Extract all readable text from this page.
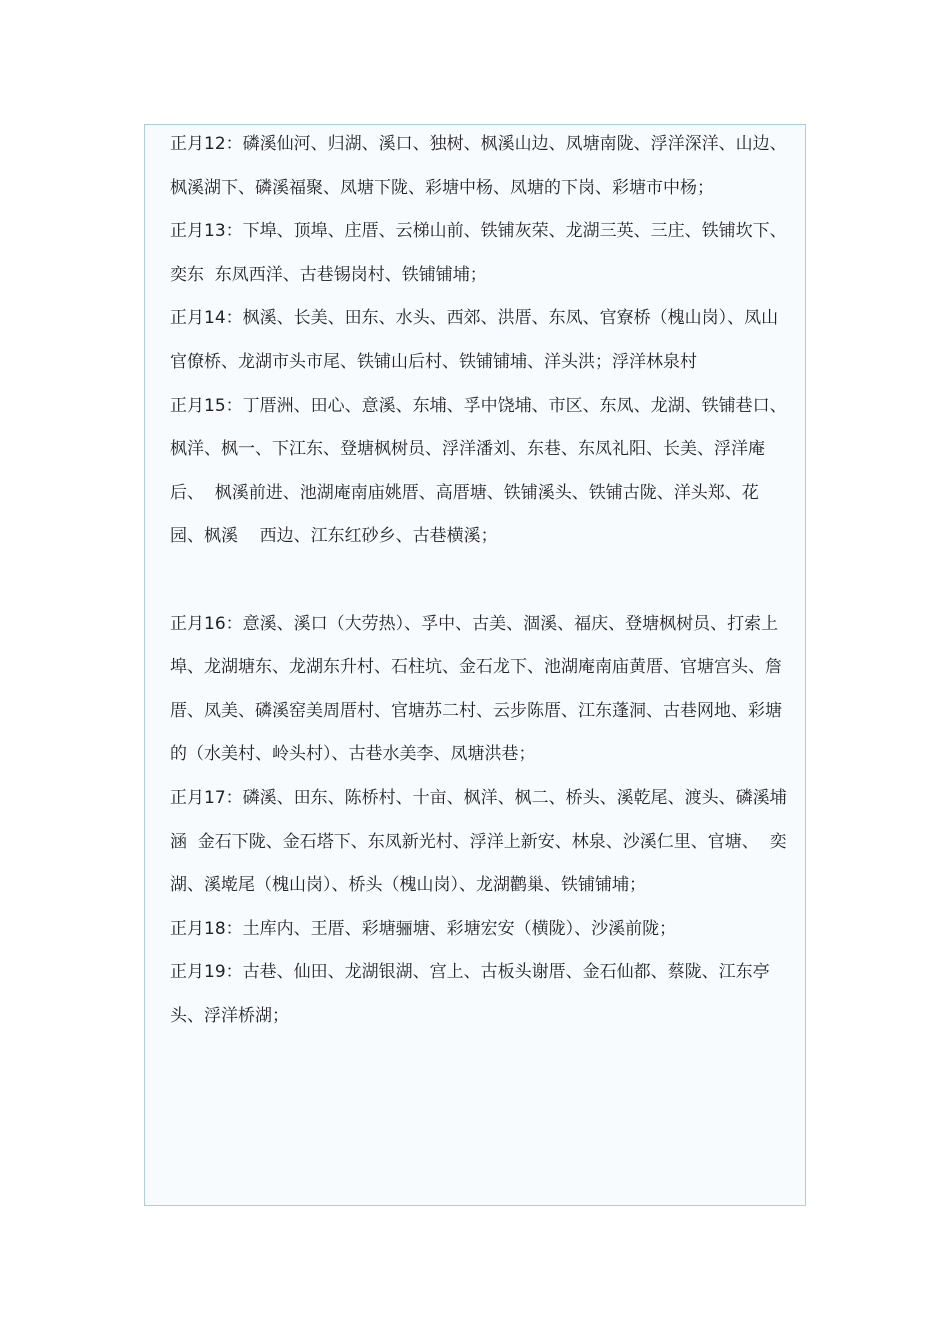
正月12：磷溪仙河、归湖、溪口、独树、枫溪山边、凤塘南陇、浮洋深洋、山边、  枫溪湖下、磷溪福聚、凤塘下陇、彩塘中杨、凤塘的下岗、彩塘市中杨；

正月13：下埠、顶埠、庄厝、云梯山前、铁铺灰荣、龙湖三英、三庄、铁铺坎下、奕东  东凤西洋、古巷锡岗村、铁铺铺埔；

正月14：枫溪、长美、田东、水头、西郊、洪厝、东凤、官寮桥（槐山岗）、凤山官僚桥、龙湖市头市尾、铁铺山后村、铁铺铺埔、洋头洪；浮洋林泉村

正月15：丁厝洲、田心、意溪、东埔、孚中饶埔、市区、东凤、龙湖、铁铺巷口、枫洋、枫一、下江东、登塘枫树员、浮洋潘刘、东巷、东凤礼阳、长美、浮洋庵后、  枫溪前进、池湖庵南庙姚厝、高厝塘、铁铺溪头、铁铺古陇、洋头郑、花园、枫溪    西边、江东红砂乡、古巷横溪；

正月16：意溪、溪口（大劳热）、孚中、古美、涸溪、福庆、登塘枫树员、打索上埠、龙湖塘东、龙湖东升村、石柱坑、金石龙下、池湖庵南庙黄厝、官塘宫头、詹厝、凤美、磷溪窑美周厝村、官塘苏二村、云步陈厝、江东蓬洞、古巷网地、彩塘的（水美村、岭头村）、古巷水美李、凤塘洪巷；

正月17：磷溪、田东、陈桥村、十亩、枫洋、枫二、桥头、溪乾尾、渡头、磷溪埔涵  金石下陇、金石塔下、东凤新光村、浮洋上新安、林泉、沙溪仁里、官塘、  奕湖、溪墘尾（槐山岗）、桥头（槐山岗）、龙湖鹳巢、铁铺铺埔；

正月18：土库内、王厝、彩塘骊塘、彩塘宏安（横陇）、沙溪前陇；

正月19：古巷、仙田、龙湖银湖、宫上、古板头谢厝、金石仙都、蔡陇、江东亭头、浮洋桥湖；
